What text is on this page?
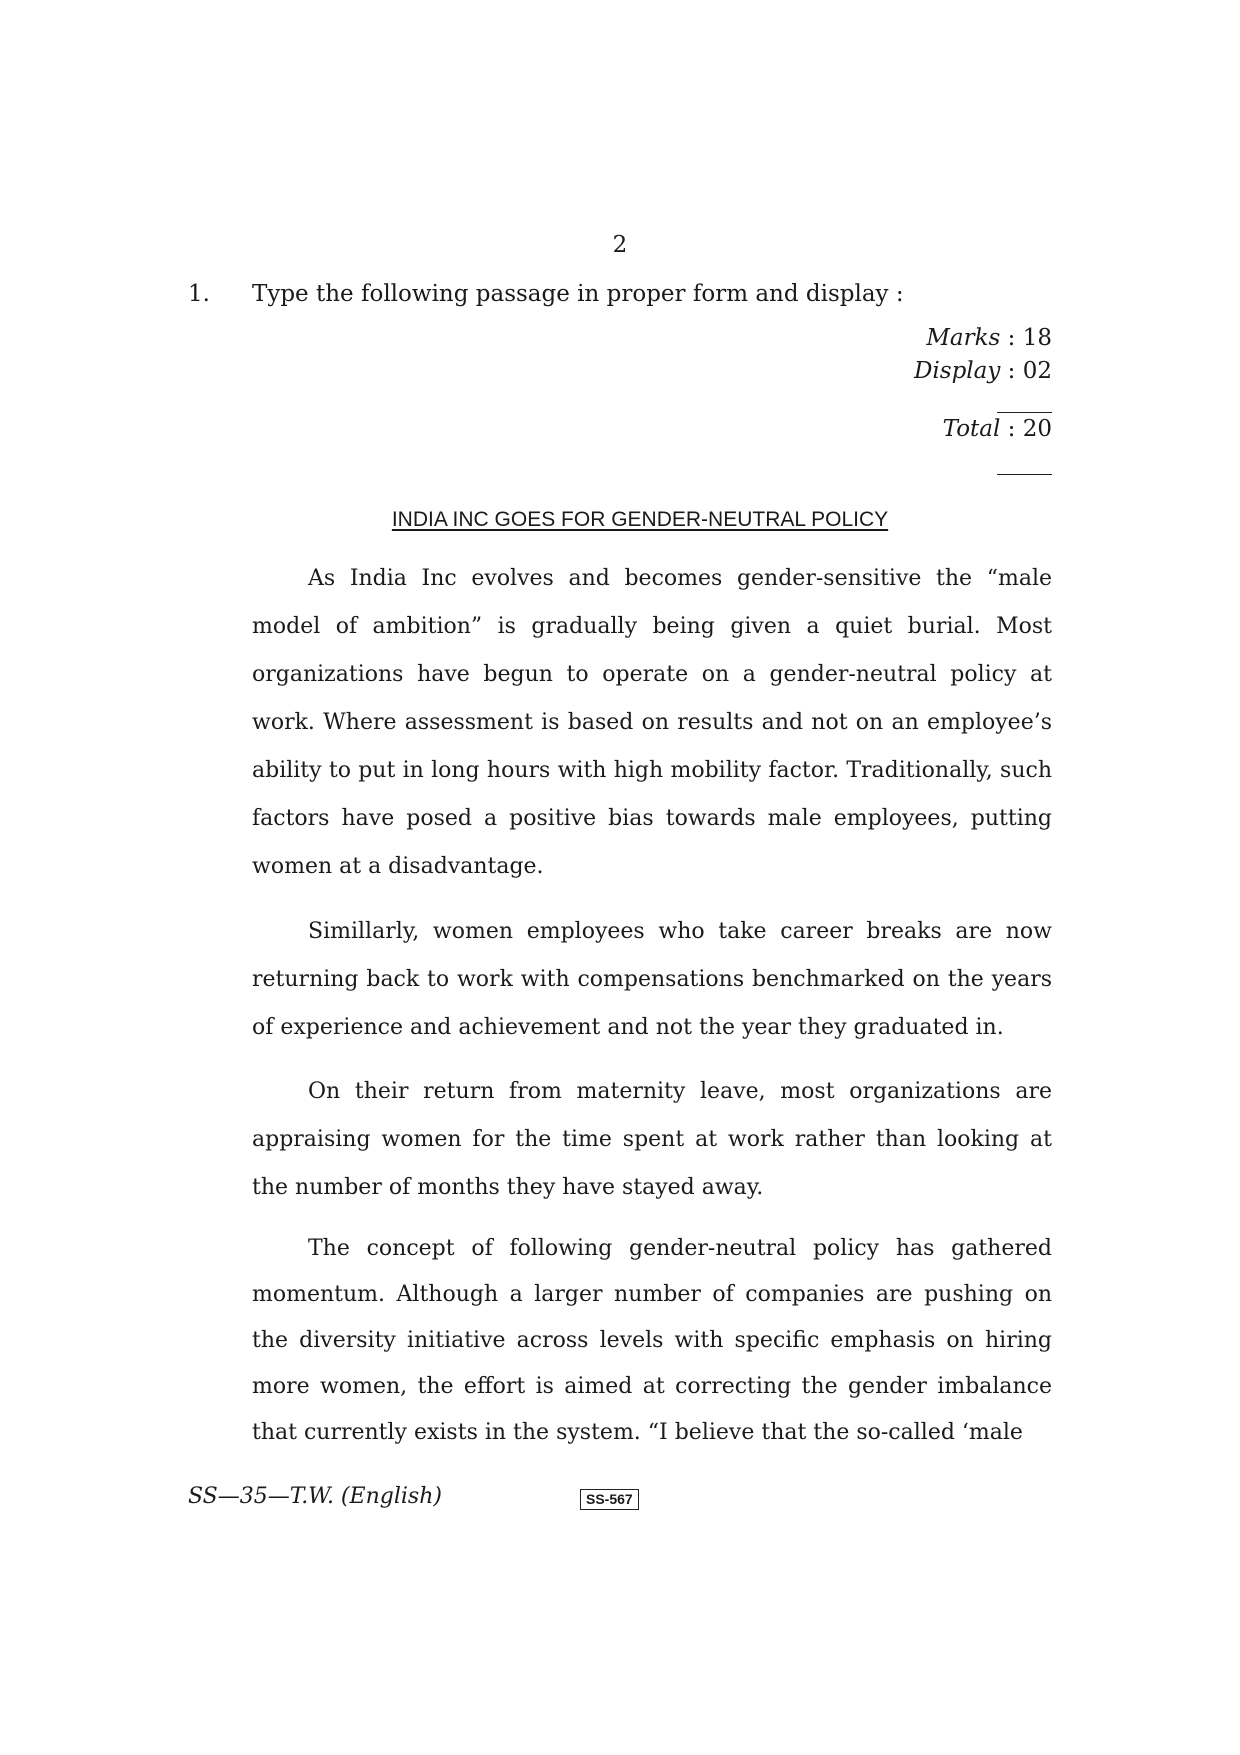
2
1. Type the following passage in proper form and display :
Marks : 18
Display : 02
Total : 20
INDIA INC GOES FOR GENDER-NEUTRAL POLICY

As India Inc evolves and becomes gender-sensitive the “male model of ambition” is gradually being given a quiet burial. Most organizations have begun to operate on a gender-neutral policy at work. Where assessment is based on results and not on an employee’s ability to put in long hours with high mobility factor. Traditionally, such factors have posed a positive bias towards male employees, putting women at a disadvantage.

Simillarly, women employees who take career breaks are now returning back to work with compensations benchmarked on the years of experience and achievement and not the year they graduated in.

On their return from maternity leave, most organizations are appraising women for the time spent at work rather than looking at the number of months they have stayed away.

The concept of following gender-neutral policy has gathered momentum. Although a larger number of companies are pushing on the diversity initiative across levels with specific emphasis on hiring more women, the effort is aimed at correcting the gender imbalance that currently exists in the system. “I believe that the so-called ‘male

SS—35—T.W. (English)	SS-567
